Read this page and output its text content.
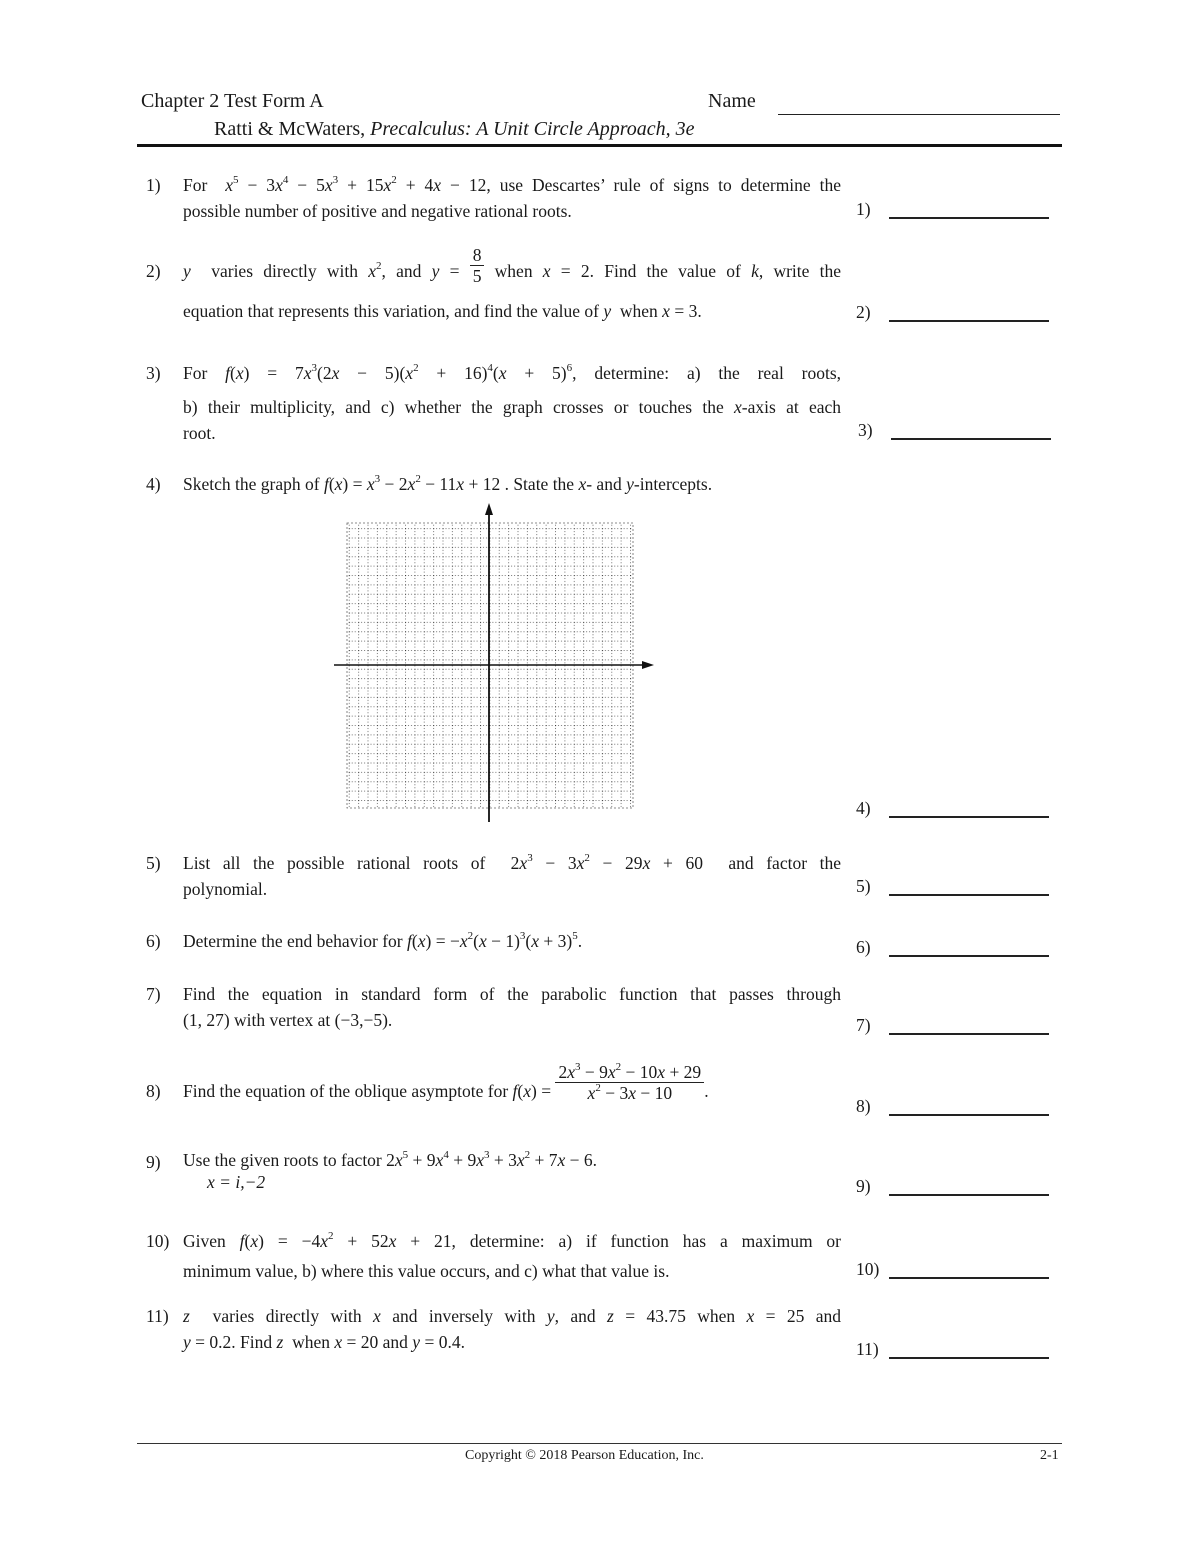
Chapter 2 Test Form A	Name
Ratti & McWaters, Precalculus: A Unit Circle Approach, 3e
1) For $x^5 - 3x^4 - 5x^3 + 15x^2 + 4x - 12$, use Descartes’ rule of signs to determine the
possible number of positive and negative rational roots.	1)
2) y varies directly with $x^2$, and $y = \frac{8}{5}$ when x = 2. Find the value of k, write the
equation that represents this variation, and find the value of y when x = 3.	2)
3) For $f(x) = 7x^3(2x - 5)(x^2 + 16)^4(x + 5)^6$, determine: a) the real roots,
b) their multiplicity, and c) whether the graph crosses or touches the x-axis at each
root.	3)
4) Sketch the graph of $f(x) = x^3 - 2x^2 - 11x + 12$ . State the x- and y-intercepts.
4)
5) List all the possible rational roots of $2x^3 - 3x^2 - 29x + 60$ and factor the
polynomial.	5)
6) Determine the end behavior for $f(x) = -x^2(x - 1)^3(x + 3)^5$.	6)
7) Find the equation in standard form of the parabolic function that passes through
(1, 27) with vertex at (−3,−5).	7)
8) Find the equation of the oblique asymptote for $f(x) = \frac{2x^3 - 9x^2 - 10x + 29}{x^2 - 3x - 10}$ .
8)
9) Use the given roots to factor $2x^5 + 9x^4 + 9x^3 + 3x^2 + 7x - 6$.
x = i,−2	9)
10) Given $f(x) = -4x^2 + 52x + 21$, determine: a) if function has a maximum or
minimum value, b) where this value occurs, and c) what that value is.	10)
11) z varies directly with x and inversely with y, and z = 43.75 when x = 25 and
y = 0.2. Find z when x = 20 and y = 0.4.	11)
Copyright © 2018 Pearson Education, Inc.	2-1
